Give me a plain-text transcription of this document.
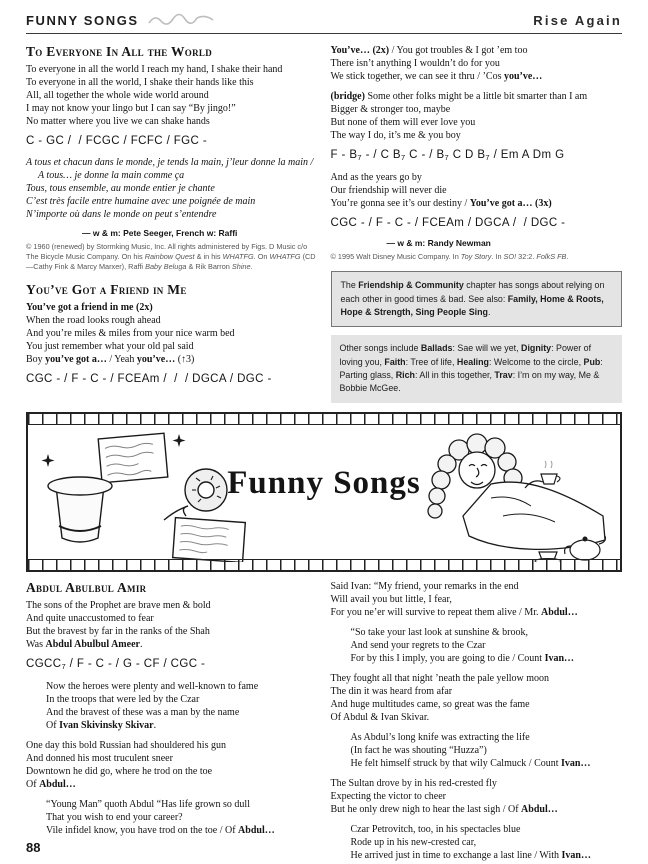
FUNNY SONGS	Rise Again
To Everyone In All the World
To everyone in all the world I reach my hand, I shake their hand
To everyone in all the world, I shake their hands like this
All, all together the whole wide world around
I may not know your lingo but I can say “By jingo!”
No matter where you live we can shake hands
C - GC /  / FCGC / FCFC / FGC -
A tous et chacun dans le monde, je tends la main, j’leur donne la main / A tous… je donne la main comme ça
Tous, tous ensemble, au monde entier je chante
C’est très facile entre humaine avec une poignée de main
N’importe où dans le monde on peut s’entendre
— w & m: Pete Seeger, French w: Raffi
© 1960 (renewed) by Stormking Music, Inc. All rights administered by Figs. D Music c/o The Bicycle Music Company. On his Rainbow Quest & in his WHATFG. On WHATFG (CD—Cathy Fink & Marcy Marxer), Raffi Baby Beluga & Rik Barron Shine.
You’ve Got a Friend in Me
You’ve got a friend in me (2x)
When the road looks rough ahead
And you’re miles & miles from your nice warm bed
You just remember what your old pal said
Boy you’ve got a… / Yeah you’ve… (↑3)
CGC - / F - C - / FCEAm /  /  / DGCA / DGC -
You’ve… (2x) / You got troubles & I got ’em too
There isn’t anything I wouldn’t do for you
We stick together, we can see it thru / ’Cos you’ve…
(bridge) Some other folks might be a little bit smarter than I am
Bigger & stronger too, maybe
But none of them will ever love you
The way I do, it’s me & you boy
F - $B_7$ - / C $B_7$ C - / $B_7$ C D $B_7$ / Em A Dm G
And as the years go by
Our friendship will never die
You’re gonna see it’s our destiny / You’ve got a… (3x)
CGC - / F - C - / FCEAm / DGCA /  / DGC -
— w & m: Randy Newman
© 1995 Walt Disney Music Company. In Toy Story. In SO! 32:2. FolkS FB.

The Friendship & Community chapter has songs about relying on each other in good times & bad. See also: Family, Home & Roots, Hope & Strength, Sing People Sing.

Other songs include Ballads: Sae will we yet, Dignity: Power of loving you, Faith: Tree of life, Healing: Welcome to the circle, Pub: Parting glass, Rich: All in this together, Trav: I’m on my way, Me & Bobbie McGee.

Funny Songs
Abdul Abulbul Amir
The sons of the Prophet are brave men & bold
And quite unaccustomed to fear
But the bravest by far in the ranks of the Shah
Was Abdul Abulbul Ameer.
$CGCC_7$ / F - C - / G - CF / CGC -
Now the heroes were plenty and well-known to fame
In the troops that were led by the Czar
And the bravest of these was a man by the name
Of Ivan Skivinsky Skivar.
One day this bold Russian had shouldered his gun
And donned his most truculent sneer
Downtown he did go, where he trod on the toe
Of Abdul…
“Young Man” quoth Abdul “Has life grown so dull
That you wish to end your career?
Vile infidel know, you have trod on the toe / Of Abdul…
Said Ivan: “My friend, your remarks in the end
Will avail you but little, I fear,
For you ne’er will survive to repeat them alive / Mr. Abdul…
“So take your last look at sunshine & brook,
And send your regrets to the Czar
For by this I imply, you are going to die / Count Ivan…
They fought all that night ’neath the pale yellow moon
The din it was heard from afar
And huge multitudes came, so great was the fame
Of Abdul & Ivan Skivar.
As Abdul’s long knife was extracting the life
(In fact he was shouting “Huzza”)
He felt himself struck by that wily Calmuck / Count Ivan…
The Sultan drove by in his red-crested fly
Expecting the victor to cheer
But he only drew nigh to hear the last sigh / Of Abdul…
Czar Petrovitch, too, in his spectacles blue
Rode up in his new-crested car,
He arrived just in time to exchange a last line / With Ivan…
88
